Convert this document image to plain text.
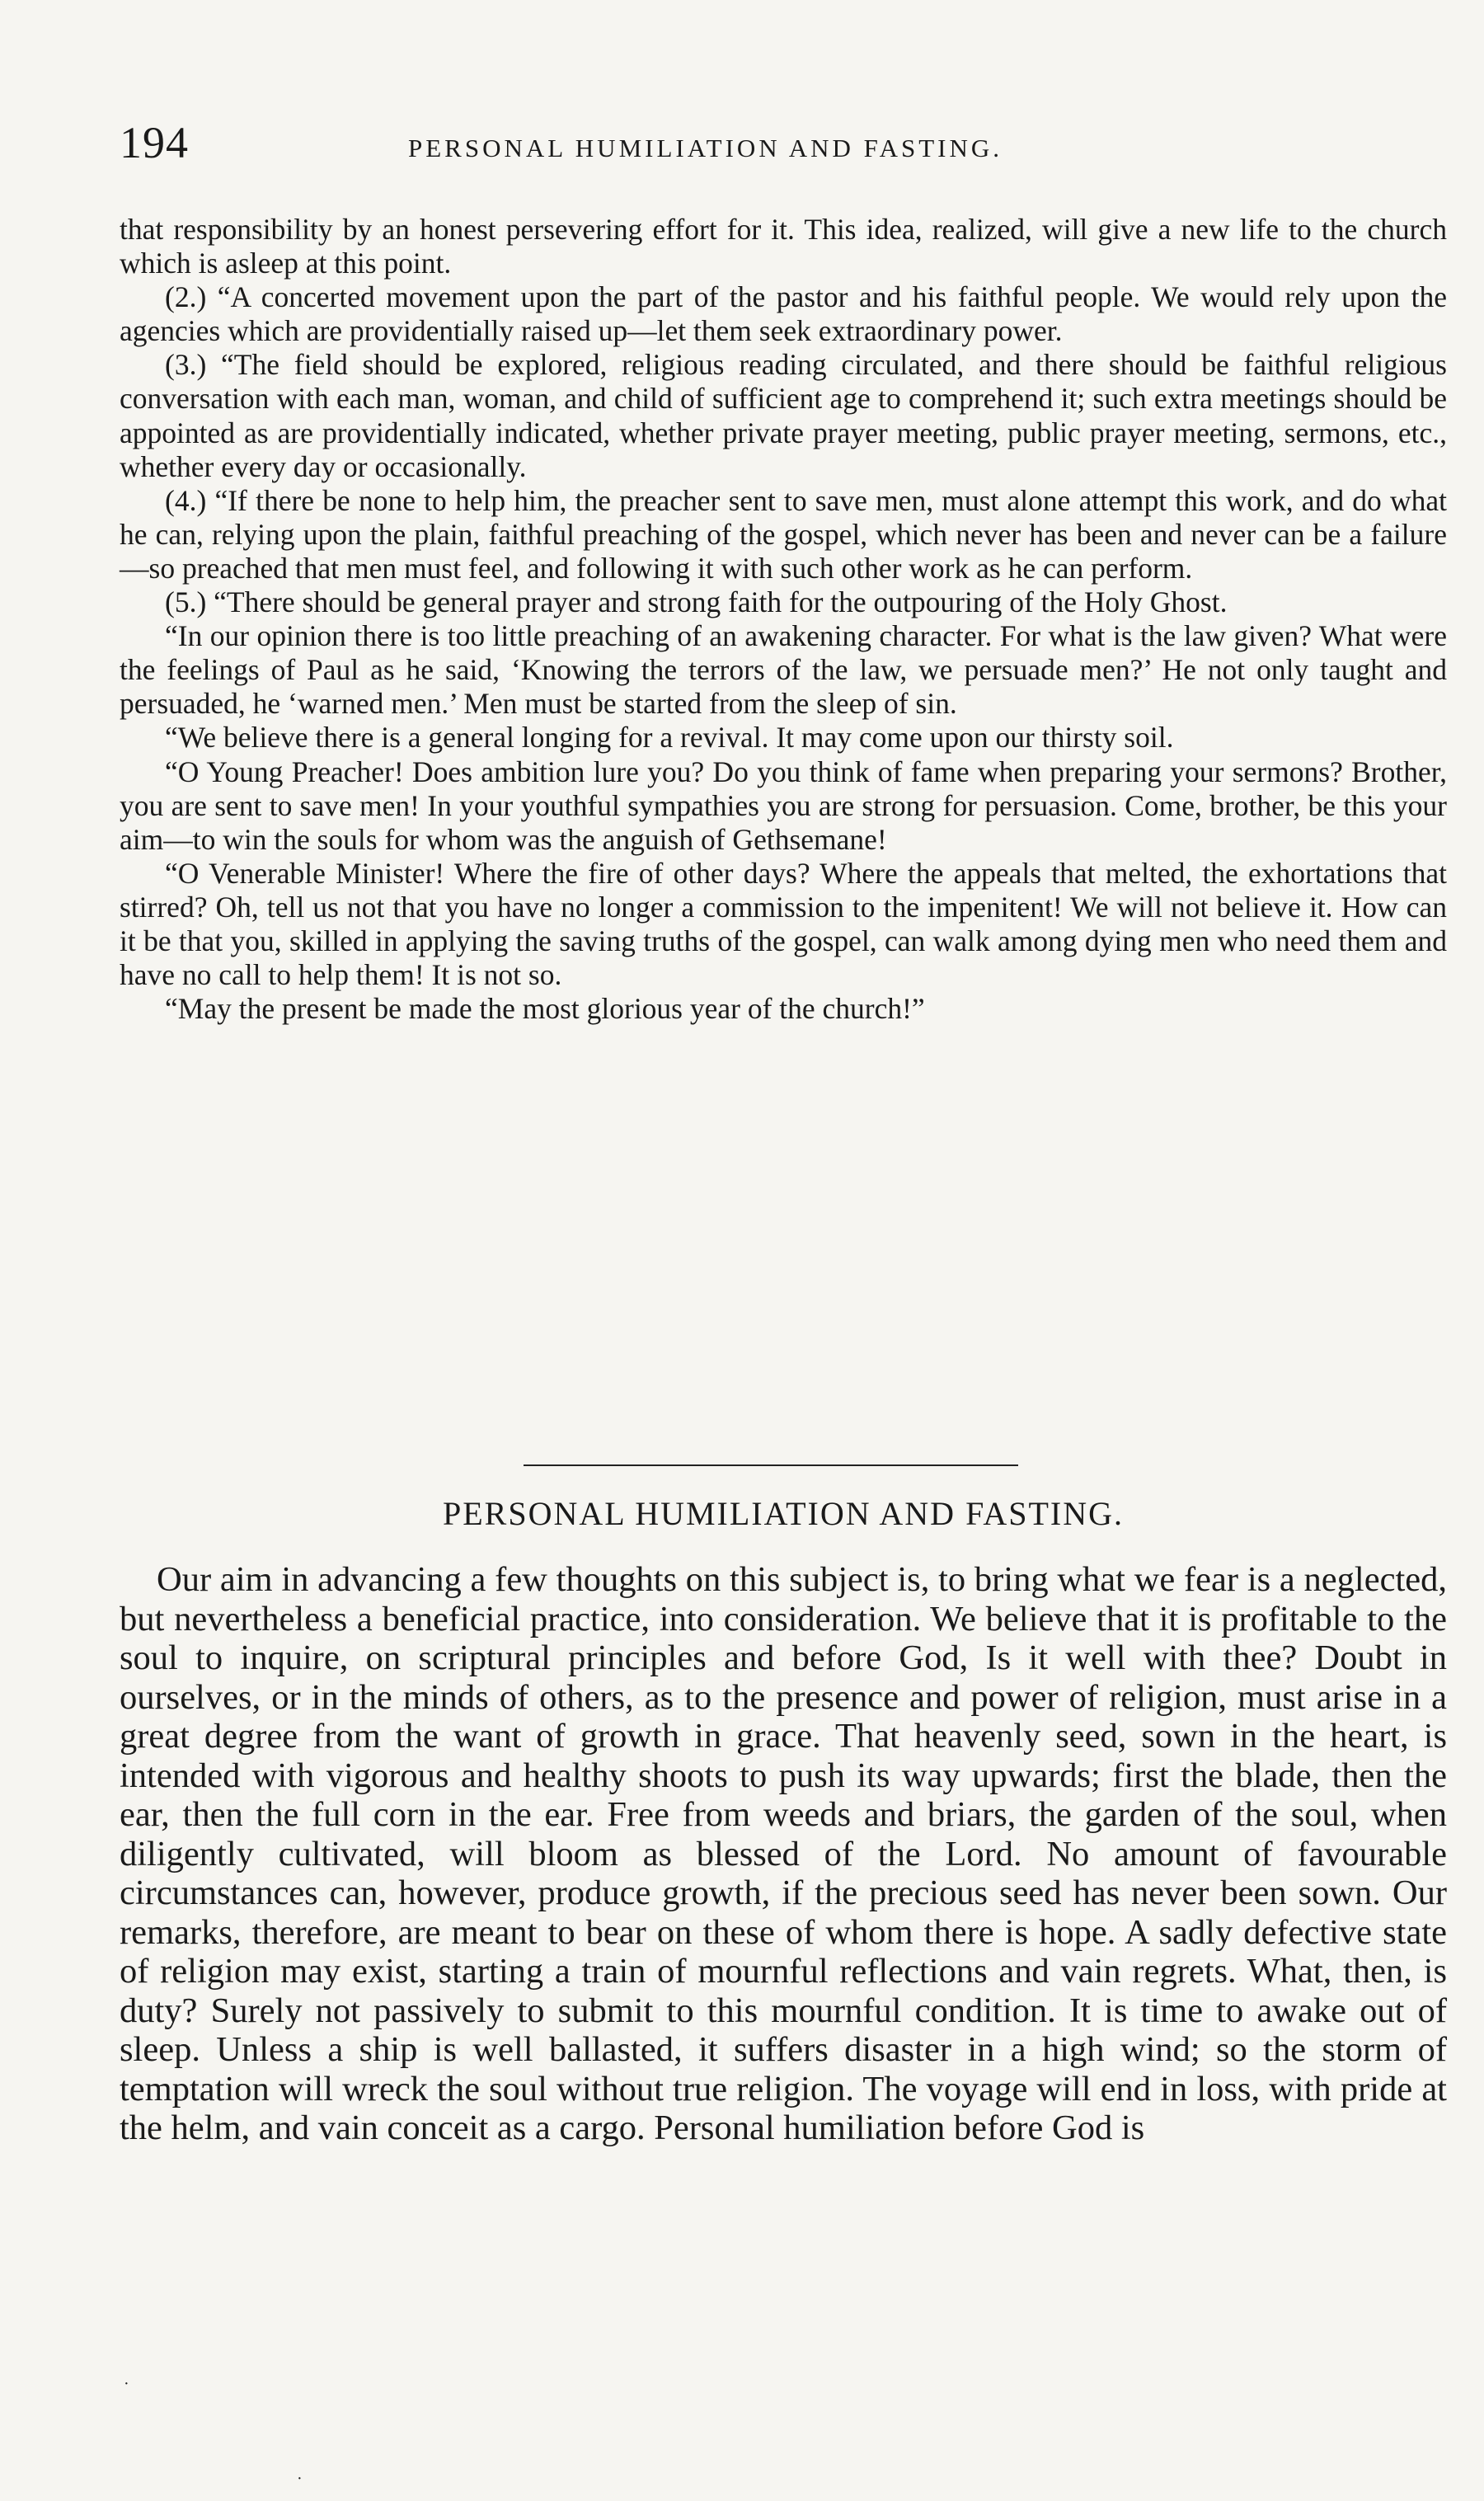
194	PERSONAL HUMILIATION AND FASTING.

that responsibility by an honest persevering effort for it. This idea, realized, will give a new life to the church which is asleep at this point.

(2.) “A concerted movement upon the part of the pastor and his faithful people. We would rely upon the agencies which are providentially raised up—let them seek extraordinary power.

(3.) “The field should be explored, religious reading circulated, and there should be faithful religious conversation with each man, woman, and child of sufficient age to comprehend it; such extra meetings should be appointed as are providentially indicated, whether private prayer meeting, public prayer meeting, sermons, etc., whether every day or occasionally.

(4.) “If there be none to help him, the preacher sent to save men, must alone attempt this work, and do what he can, relying upon the plain, faithful preaching of the gospel, which never has been and never can be a failure—so preached that men must feel, and following it with such other work as he can perform.

(5.) “There should be general prayer and strong faith for the outpouring of the Holy Ghost.

“In our opinion there is too little preaching of an awakening character. For what is the law given? What were the feelings of Paul as he said, ‘Knowing the terrors of the law, we persuade men?’ He not only taught and persuaded, he ‘warned men.’ Men must be started from the sleep of sin.

“We believe there is a general longing for a revival. It may come upon our thirsty soil.

“O Young Preacher! Does ambition lure you? Do you think of fame when preparing your sermons? Brother, you are sent to save men! In your youthful sympathies you are strong for persuasion. Come, brother, be this your aim—to win the souls for whom was the anguish of Gethsemane!

“O Venerable Minister! Where the fire of other days? Where the appeals that melted, the exhortations that stirred? Oh, tell us not that you have no longer a commission to the impenitent! We will not believe it. How can it be that you, skilled in applying the saving truths of the gospel, can walk among dying men who need them and have no call to help them! It is not so.

“May the present be made the most glorious year of the church!”

PERSONAL HUMILIATION AND FASTING.

Our aim in advancing a few thoughts on this subject is, to bring what we fear is a neglected, but nevertheless a beneficial practice, into consideration. We believe that it is profitable to the soul to inquire, on scriptural principles and before God, Is it well with thee? Doubt in ourselves, or in the minds of others, as to the presence and power of religion, must arise in a great degree from the want of growth in grace. That heavenly seed, sown in the heart, is intended with vigorous and healthy shoots to push its way upwards; first the blade, then the ear, then the full corn in the ear. Free from weeds and briars, the garden of the soul, when diligently cultivated, will bloom as blessed of the Lord. No amount of favourable circumstances can, however, produce growth, if the precious seed has never been sown. Our remarks, therefore, are meant to bear on these of whom there is hope. A sadly defective state of religion may exist, starting a train of mournful reflections and vain regrets. What, then, is duty? Surely not passively to submit to this mournful condition. It is time to awake out of sleep. Unless a ship is well ballasted, it suffers disaster in a high wind; so the storm of temptation will wreck the soul without true religion. The voyage will end in loss, with pride at the helm, and vain conceit as a cargo. Personal humiliation before God is

·
·
